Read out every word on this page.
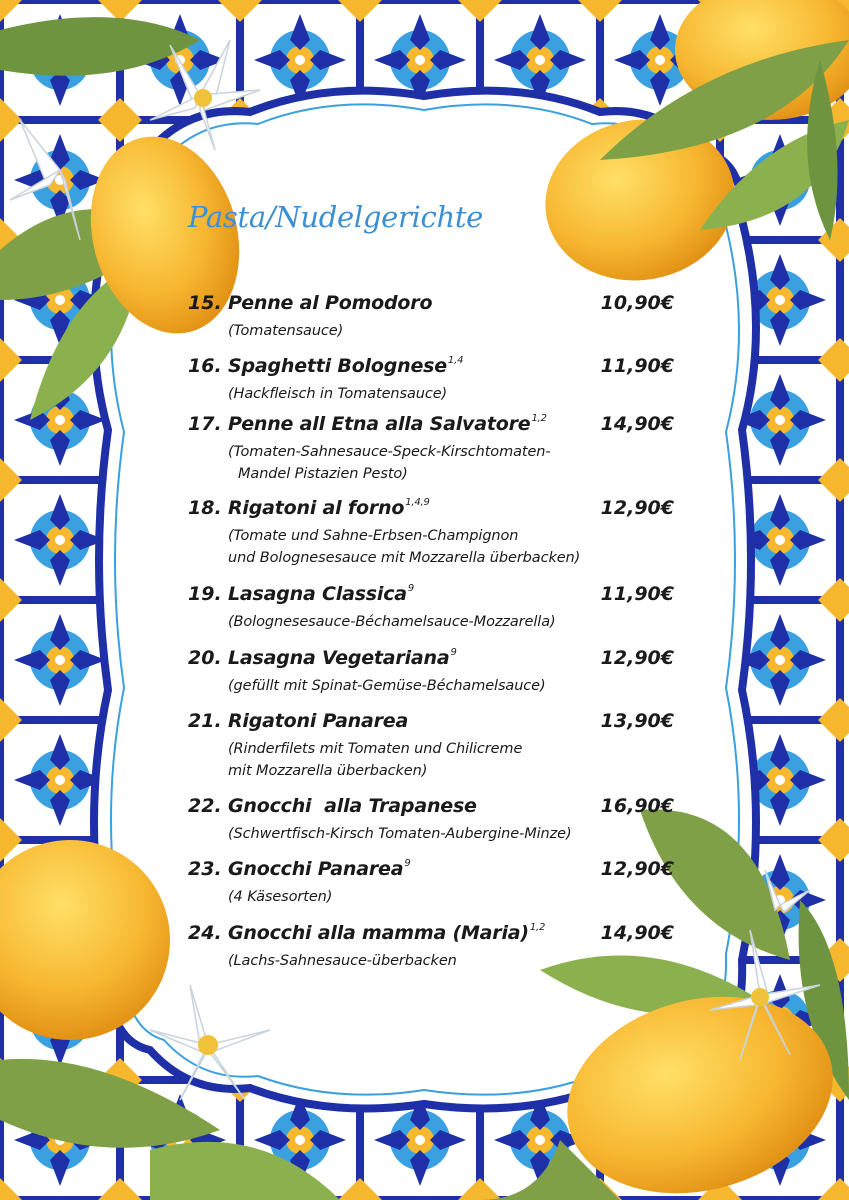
Pasta/Nudelgerichte
15. Penne al Pomodoro	10,90€
(Tomatensauce)
16. Spaghetti Bolognese$^{1,4}$	11,90€
(Hackfleisch in Tomatensauce)
17. Penne all Etna alla Salvatore$^{1,2}$	14,90€
(Tomaten-Sahnesauce-Speck-Kirschtomaten-
Mandel Pistazien Pesto)
18. Rigatoni al forno$^{1,4,9}$	12,90€
(Tomate und Sahne-Erbsen-Champignon
und Bolognesesauce mit Mozzarella überbacken)
19. Lasagna Classica$^9$	11,90€
(Bolognesesauce-Béchamelsauce-Mozzarella)
20. Lasagna Vegetariana$^9$	12,90€
(gefüllt mit Spinat-Gemüse-Béchamelsauce)
21. Rigatoni Panarea	13,90€
(Rinderfilets mit Tomaten und Chilicreme
mit Mozzarella überbacken)
22. Gnocchi  alla Trapanese	16,90€
(Schwertfisch-Kirsch Tomaten-Aubergine-Minze)
23. Gnocchi Panarea$^9$	12,90€
(4 Käsesorten)
24. Gnocchi alla mamma (Maria)$^{1,2}$	14,90€
(Lachs-Sahnesauce-überbacken
